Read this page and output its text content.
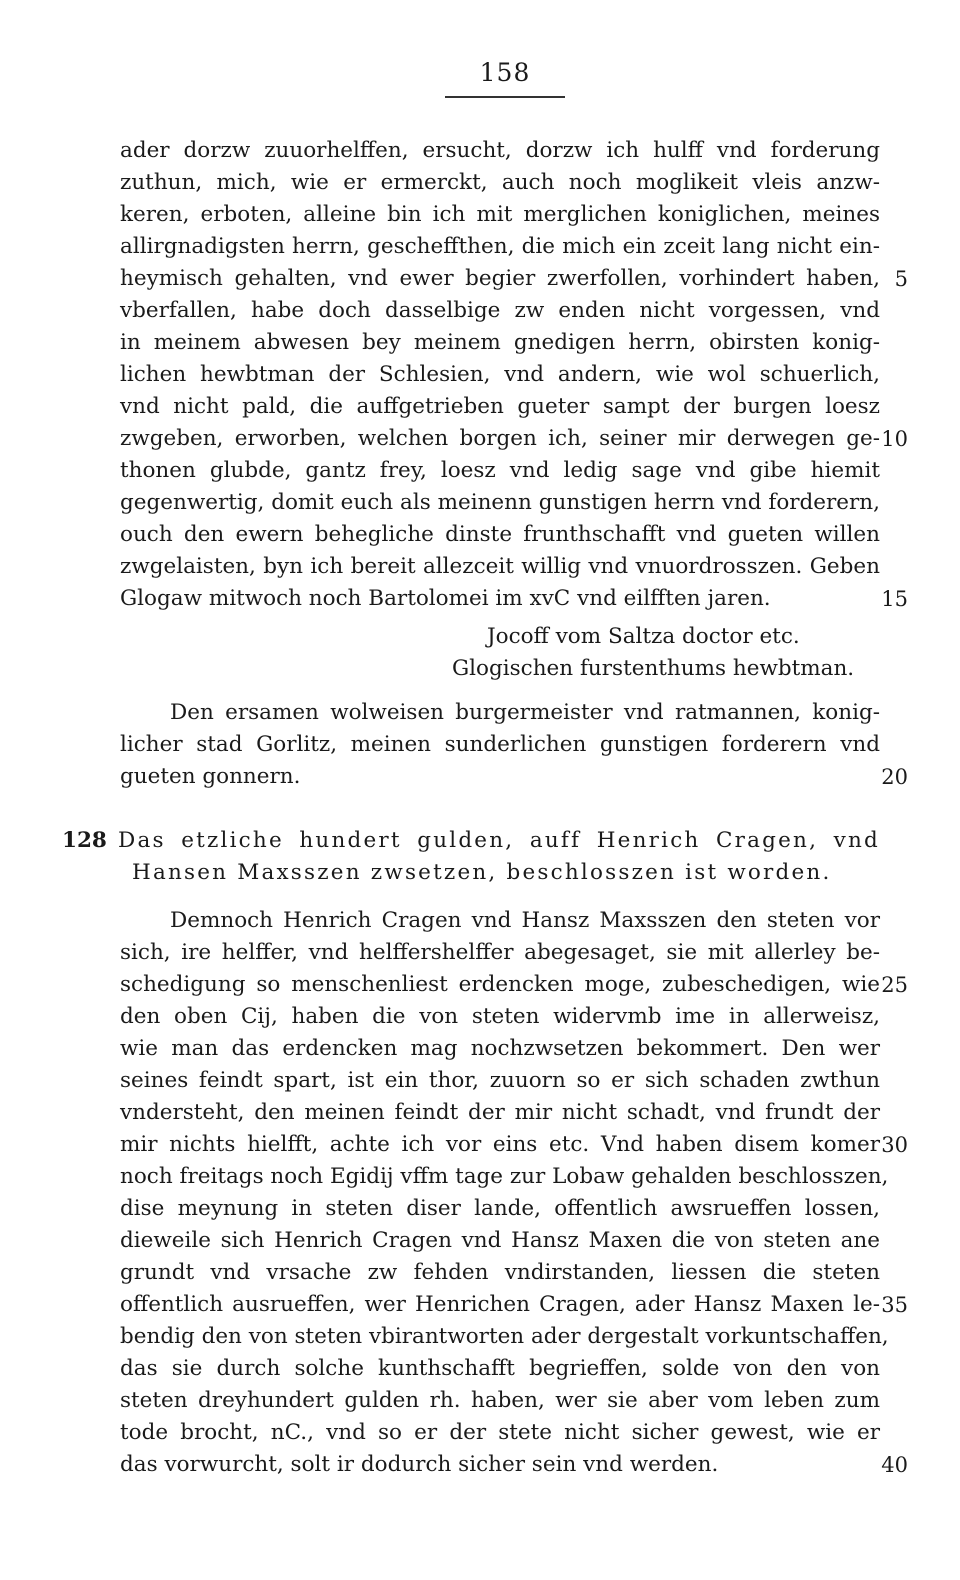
158
ader dorzw zuuorhelffen, ersucht, dorzw ich hulff vnd forderung
zuthun, mich, wie er ermerckt, auch noch moglikeit vleis anzw-
keren, erboten, alleine bin ich mit merglichen koniglichen, meines
allirgnadigsten herrn, gescheffthen, die mich ein zceit lang nicht ein-
heymisch gehalten, vnd ewer begier zwerfollen, vorhindert haben,
vberfallen, habe doch dasselbige zw enden nicht vorgessen, vnd
in meinem abwesen bey meinem gnedigen herrn, obirsten konig-
lichen hewbtman der Schlesien, vnd andern, wie wol schuerlich,
vnd nicht pald, die auffgetrieben gueter sampt der burgen loesz
zwgeben, erworben, welchen borgen ich, seiner mir derwegen ge-
thonen glubde, gantz frey, loesz vnd ledig sage vnd gibe hiemit
gegenwertig, domit euch als meinenn gunstigen herrn vnd forderern,
ouch den ewern behegliche dinste frunthschafft vnd gueten willen
zwgelaisten, byn ich bereit allezceit willig vnd vnuordrosszen. Geben
Glogaw mitwoch noch Bartolomei im xvC vnd eilfften jaren.
Jocoff vom Saltza doctor etc.
Glogischen furstenthums hewbtman.
Den ersamen wolweisen burgermeister vnd ratmannen, konig-
licher stad Gorlitz, meinen sunderlichen gunstigen forderern vnd
gueten gonnern.
128 Das etzliche hundert gulden, auff Henrich Cragen, vnd
Hansen Maxsszen zwsetzen, beschlosszen ist worden.
Demnoch Henrich Cragen vnd Hansz Maxsszen den steten vor
sich, ire helffer, vnd helffershelffer abegesaget, sie mit allerley be-
schedigung so menschenliest erdencken moge, zubeschedigen, wie
den oben Cij, haben die von steten widervmb ime in allerweisz,
wie man das erdencken mag nochzwsetzen bekommert. Den wer
seines feindt spart, ist ein thor, zuuorn so er sich schaden zwthun
vndersteht, den meinen feindt der mir nicht schadt, vnd frundt der
mir nichts hielfft, achte ich vor eins etc. Vnd haben disem komer
noch freitags noch Egidij vffm tage zur Lobaw gehalden beschlosszen,
dise meynung in steten diser lande, offentlich awsrueffen lossen,
dieweile sich Henrich Cragen vnd Hansz Maxen die von steten ane
grundt vnd vrsache zw fehden vndirstanden, liessen die steten
offentlich ausrueffen, wer Henrichen Cragen, ader Hansz Maxen le-
bendig den von steten vbirantworten ader dergestalt vorkuntschaffen,
das sie durch solche kunthschafft begrieffen, solde von den von
steten dreyhundert gulden rh. haben, wer sie aber vom leben zum
tode brocht, nC., vnd so er der stete nicht sicher gewest, wie er
das vorwurcht, solt ir dodurch sicher sein vnd werden.
5
10
15
20
25
30
35
40
